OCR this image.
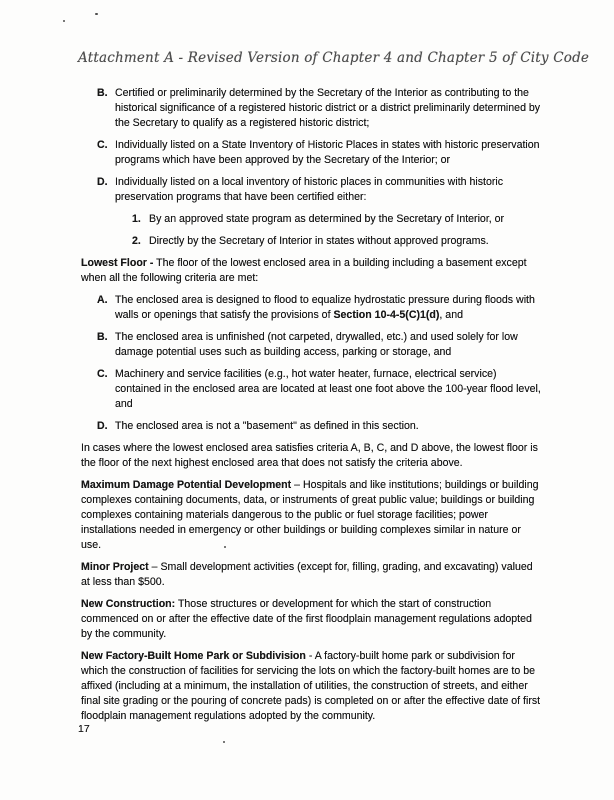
Attachment A - Revised Version of Chapter 4 and Chapter 5 of City Code
B. Certified or preliminarily determined by the Secretary of the Interior as contributing to the historical significance of a registered historic district or a district preliminarily determined by the Secretary to qualify as a registered historic district;
C. Individually listed on a State Inventory of Historic Places in states with historic preservation programs which have been approved by the Secretary of the Interior; or
D. Individually listed on a local inventory of historic places in communities with historic preservation programs that have been certified either:
1. By an approved state program as determined by the Secretary of Interior, or
2. Directly by the Secretary of Interior in states without approved programs.

Lowest Floor - The floor of the lowest enclosed area in a building including a basement except when all the following criteria are met:

A. The enclosed area is designed to flood to equalize hydrostatic pressure during floods with walls or openings that satisfy the provisions of Section 10-4-5(C)1(d), and
B. The enclosed area is unfinished (not carpeted, drywalled, etc.) and used solely for low damage potential uses such as building access, parking or storage, and
C. Machinery and service facilities (e.g., hot water heater, furnace, electrical service) contained in the enclosed area are located at least one foot above the 100-year flood level, and
D. The enclosed area is not a "basement" as defined in this section.

In cases where the lowest enclosed area satisfies criteria A, B, C, and D above, the lowest floor is the floor of the next highest enclosed area that does not satisfy the criteria above.

Maximum Damage Potential Development – Hospitals and like institutions; buildings or building complexes containing documents, data, or instruments of great public value; buildings or building complexes containing materials dangerous to the public or fuel storage facilities; power installations needed in emergency or other buildings or building complexes similar in nature or use.

Minor Project – Small development activities (except for, filling, grading, and excavating) valued at less than $500.

New Construction: Those structures or development for which the start of construction commenced on or after the effective date of the first floodplain management regulations adopted by the community.

New Factory-Built Home Park or Subdivision - A factory-built home park or subdivision for which the construction of facilities for servicing the lots on which the factory-built homes are to be affixed (including at a minimum, the installation of utilities, the construction of streets, and either final site grading or the pouring of concrete pads) is completed on or after the effective date of first floodplain management regulations adopted by the community.

17
